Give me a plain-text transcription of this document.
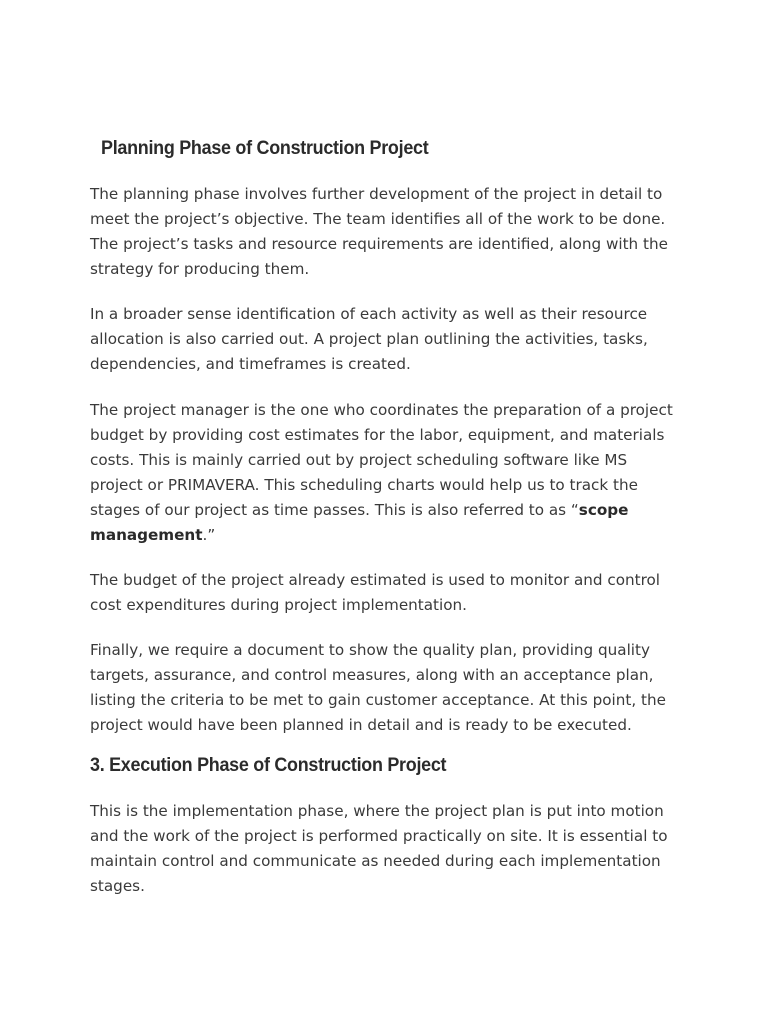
Planning Phase of Construction Project

The planning phase involves further development of the project in detail to
meet the project’s objective. The team identifies all of the work to be done.
The project’s tasks and resource requirements are identified, along with the
strategy for producing them.

In a broader sense identification of each activity as well as their resource
allocation is also carried out. A project plan outlining the activities, tasks,
dependencies, and timeframes is created.

The project manager is the one who coordinates the preparation of a project
budget by providing cost estimates for the labor, equipment, and materials
costs. This is mainly carried out by project scheduling software like MS
project or PRIMAVERA. This scheduling charts would help us to track the
stages of our project as time passes. This is also referred to as “scope
management.”

The budget of the project already estimated is used to monitor and control
cost expenditures during project implementation.

Finally, we require a document to show the quality plan, providing quality
targets, assurance, and control measures, along with an acceptance plan,
listing the criteria to be met to gain customer acceptance. At this point, the
project would have been planned in detail and is ready to be executed.

3. Execution Phase of Construction Project

This is the implementation phase, where the project plan is put into motion
and the work of the project is performed practically on site. It is essential to
maintain control and communicate as needed during each implementation
stages.
